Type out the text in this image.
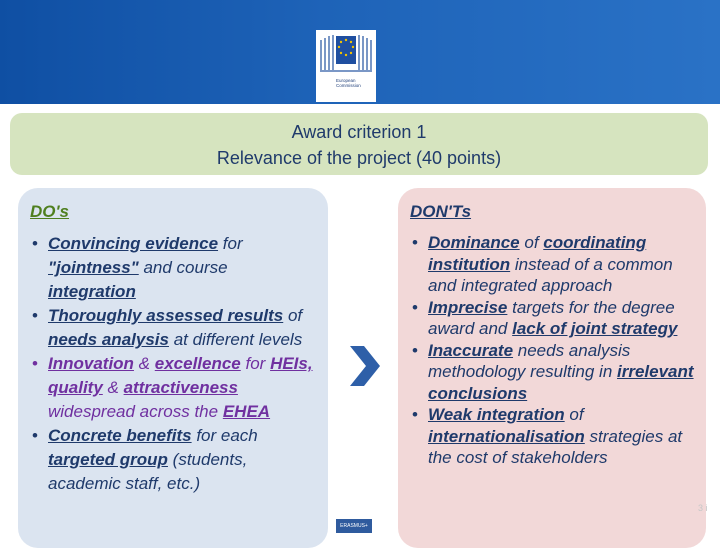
European
Commission
Award criterion 1
Relevance of the project (40 points)
DO's
• Convincing evidence for "jointness" and course integration
• Thoroughly assessed results of needs analysis at different levels
• Innovation & excellence for HEIs, quality & attractiveness widespread across the EHEA
• Concrete benefits for each targeted group (students, academic staff, etc.)
DON'Ts
• Dominance of coordinating institution instead of a common and integrated approach
• Imprecise targets for the degree award and lack of joint strategy
• Inaccurate needs analysis methodology resulting in irrelevant conclusions
• Weak integration of internationalisation strategies at the cost of stakeholders
ERASMUS+
3 i
